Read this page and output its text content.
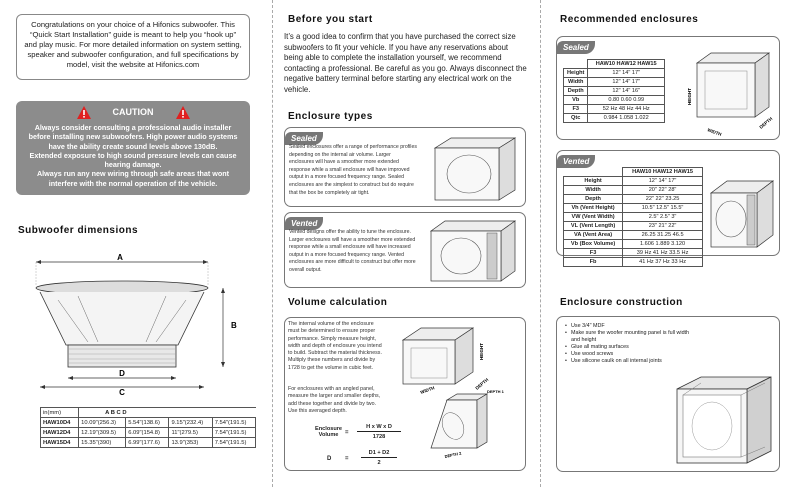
Congratulations on your choice of a Hifonics subwoofer. This “Quick Start Installation” guide is meant to help you “hook up” and play music. For more detailed information on system setting, speaker and subwoofer configuration, and full specifications by model, visit the website at Hifonics.com
CAUTION
Always consider consulting a professional audio installer before installing new subwoofers. High power audio systems have the ability create sound levels above 130dB.
Extended exposure to high sound pressure levels can cause hearing damage.
Always run any new wiring through safe areas that wont interfere with the normal operation of the vehicle.
Subwoofer dimensions
A
B
D
C
in(mm)	A B C D			
HAW10D4	10.09"(256.3)	5.54"(138.6)	9.15"(232.4)	7.54"(191.5)
HAW12D4	12.19"(309.5)	6.09"(154.8)	11"(279.5)	7.54"(191.5)
HAW15D4	15.35"(390)	6.99"(177.6)	13.9"(353)	7.54"(191.5)
Before you start
It’s a good idea to confirm that you have purchased the correct size subwoofers to fit your vehicle. If you have any reservations about being able to complete the installation yourself, we recommend contacting a professional. Be careful as you go. Always disconnect the negative battery terminal before starting any electrical work on the vehicle.
Enclosure types
Sealed
Sealed enclosures offer a range of performance profiles depending on the internal air volume. Larger enclosures will have a smoother more extended response while a small enclosure will have improved output in a more focused frequency range. Sealed enclosures are the simplest to construct but do require that the box be completely air tight.
Vented
Vented designs offer the ability to tune the enclosure. Larger enclosures will have a smoother more extended response while a small enclosure will have increased output in a more focused frequency range. Vented enclosures are more difficult to construct but offer more overall output.
Volume calculation
The internal volume of the enclosure must be determined to ensure proper performance. Simply measure height, width and depth of enclosure you intend to build. Subtract the material thickness. Multiply these numbers and divide by 1728 to get the volume in cubic feet.
For enclosures with an angled panel, measure the larger and smaller depths, add these together and divide by two. Use this averaged depth.
WIDTH
HEIGHT
DEPTH
DEPTH 1
DEPTH 2
Enclosure
Volume	= $\frac{\text{H x W x D}}{1728}$
$D = \frac{D1 + D2}{2}$
Recommended enclosures
Sealed
	HAW10 HAW12 HAW15
Height	12" 14" 17"
Width	12" 14" 17"
Depth	12" 14" 16"
Vb	0.80 0.60 0.99
F3	52 Hz 48 Hz 44 Hz
Qtc	0.984 1.058 1.022
WIDTH
HEIGHT
DEPTH
Vented
	HAW10 HAW12 HAW15
Height	12" 14" 17"
Width	20" 22" 28"
Depth	22" 22" 23.25
Vh (Vent Height)	10.5" 12.5" 15.5"
VW (Vent Width)	2.5" 2.5" 3"
VL (Vent Length)	23" 21" 22"
VA (Vent Area)	26.25 31.25 46.5
Vb (Box Volume)	1.606 1.889 3.120
F3	39 Hz 41 Hz 33.5 Hz
Fb	41 Hz 37 Hz 33 Hz
Enclosure construction
• Use 3/4" MDF
• Make sure the woofer mounting panel is full width and height
• Glue all mating surfaces
• Use wood screws
• Use silicone caulk on all internal joints
